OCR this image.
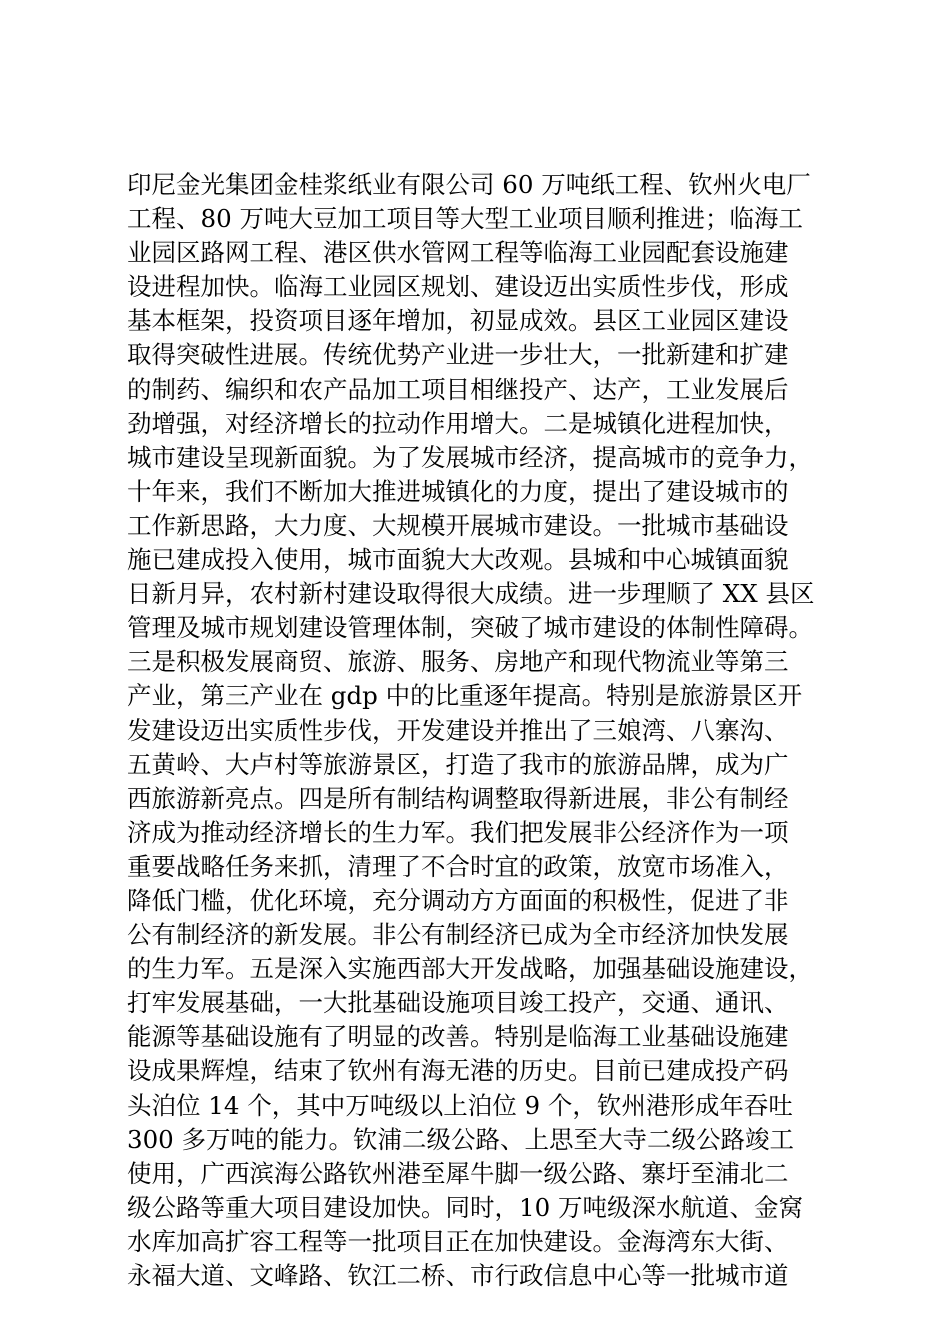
印尼金光集团金桂浆纸业有限公司 60 万吨纸工程、钦州火电厂
工程、80 万吨大豆加工项目等大型工业项目顺利推进；临海工
业园区路网工程、港区供水管网工程等临海工业园配套设施建
设进程加快。临海工业园区规划、建设迈出实质性步伐，形成
基本框架，投资项目逐年增加，初显成效。县区工业园区建设
取得突破性进展。传统优势产业进一步壮大，一批新建和扩建
的制药、编织和农产品加工项目相继投产、达产，工业发展后
劲增强，对经济增长的拉动作用增大。二是城镇化进程加快，
城市建设呈现新面貌。为了发展城市经济，提高城市的竞争力，
十年来，我们不断加大推进城镇化的力度，提出了建设城市的
工作新思路，大力度、大规模开展城市建设。一批城市基础设
施已建成投入使用，城市面貌大大改观。县城和中心城镇面貌
日新月异，农村新村建设取得很大成绩。进一步理顺了 XX 县区
管理及城市规划建设管理体制，突破了城市建设的体制性障碍。
三是积极发展商贸、旅游、服务、房地产和现代物流业等第三
产业，第三产业在 gdp 中的比重逐年提高。特别是旅游景区开
发建设迈出实质性步伐，开发建设并推出了三娘湾、八寨沟、
五黄岭、大卢村等旅游景区，打造了我市的旅游品牌，成为广
西旅游新亮点。四是所有制结构调整取得新进展，非公有制经
济成为推动经济增长的生力军。我们把发展非公经济作为一项
重要战略任务来抓，清理了不合时宜的政策，放宽市场准入，
降低门槛，优化环境，充分调动方方面面的积极性，促进了非
公有制经济的新发展。非公有制经济已成为全市经济加快发展
的生力军。五是深入实施西部大开发战略，加强基础设施建设，
打牢发展基础，一大批基础设施项目竣工投产，交通、通讯、
能源等基础设施有了明显的改善。特别是临海工业基础设施建
设成果辉煌，结束了钦州有海无港的历史。目前已建成投产码
头泊位 14 个，其中万吨级以上泊位 9 个，钦州港形成年吞吐
300 多万吨的能力。钦浦二级公路、上思至大寺二级公路竣工
使用，广西滨海公路钦州港至犀牛脚一级公路、寨圩至浦北二
级公路等重大项目建设加快。同时，10 万吨级深水航道、金窝
水库加高扩容工程等一批项目正在加快建设。金海湾东大街、
永福大道、文峰路、钦江二桥、市行政信息中心等一批城市道
